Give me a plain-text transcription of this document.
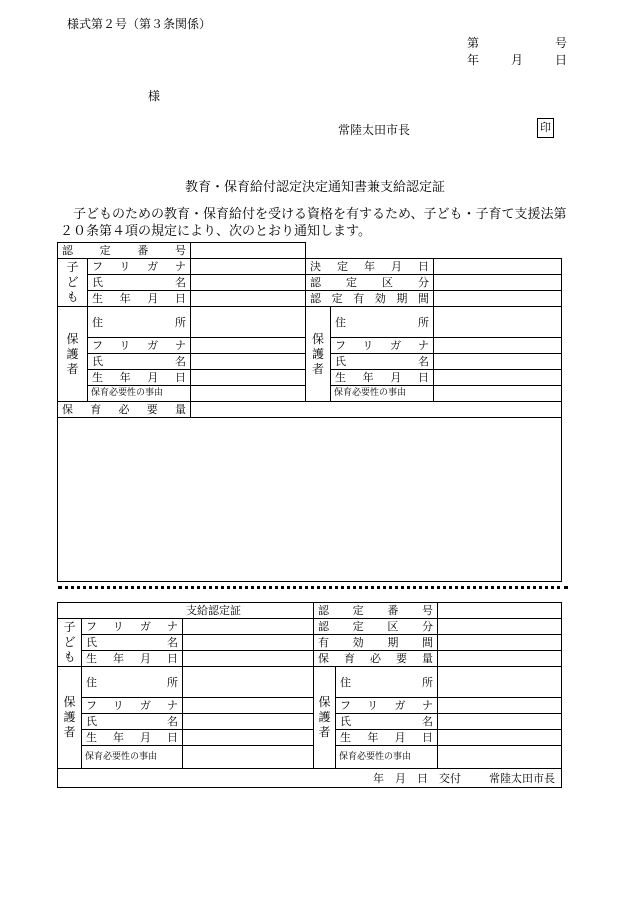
様式第２号（第３条関係）
第	号
年	月	日
様
常陸太田市長	印
教育・保育給付認定決定通知書兼支給認定証
子どものための教育・保育給付を受ける資格を有するため、子ども・子育て支援法第２０条第４項の規定により、次のとおり通知します。
認定番号					

子ども	フリガナ		決定年月日		
	氏名		認定区分		
	生年月日		認定有効期間		

保護者	住所		保護者	住所	
	フリガナ			フリガナ	
	氏名			氏名	
	生年月日			生年月日	
	保育必要性の事由			保育必要性の事由	
保育必要量					

支給認定証			認定番号		

子ども	フリガナ		認定区分		
	氏名		有効期間		
	生年月日		保育必要量		

保護者	住所		保護者	住所	
	フリガナ			フリガナ	
	氏名			氏名	
	生年月日			生年月日	
	保育必要性の事由			保育必要性の事由	
年　月　日　交付 常陸太田市長					
